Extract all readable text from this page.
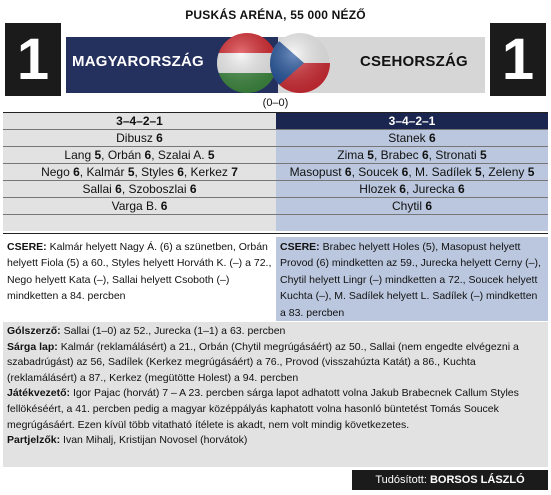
PUSKÁS ARÉNA, 55 000 NÉZŐ
1	1
MAGYARORSZÁG	CSEHORSZÁG
(0–0)
3–4–2–1
Dibusz 6
Lang 5, Orbán 6, Szalai A. 5
Nego 6, Kalmár 5, Styles 6, Kerkez 7
Sallai 6, Szoboszlai 6
Varga B. 6
3–4–2–1
Stanek 6
Zima 5, Brabec 6, Stronati 5
Masopust 6, Soucek 6, M. Sadílek 5, Zeleny 5
Hlozek 6, Jurecka 6
Chytil 6
CSERE: Kalmár helyett Nagy Á. (6) a szünetben, Orbán helyett Fiola (5) a 60., Styles helyett Horváth K. (–) a 72., Nego helyett Kata (–), Sallai helyett Csoboth (–) mindketten a 84. percben
CSERE: Brabec helyett Holes (5), Masopust helyett Provod (6) mindketten az 59., Jurecka helyett Cerny (–), Chytil helyett Lingr (–) mindketten a 72., Soucek helyett Kuchta (–), M. Sadílek helyett L. Sadílek (–) mindketten a 83. percben
Gólszerző: Sallai (1–0) az 52., Jurecka (1–1) a 63. percben
Sárga lap: Kalmár (reklamálásért) a 21., Orbán (Chytil megrúgásáért) az 50., Sallai (nem engedte elvégezni a szabadrúgást) az 56, Sadílek (Kerkez megrúgásáért) a 76., Provod (visszahúzta Katát) a 86., Kuchta (reklamálásért) a 87., Kerkez (megütötte Holest) a 94. percben
Játékvezető: Igor Pajac (horvát) 7 – A 23. percben sárga lapot adhatott volna Jakub Brabecnek Callum Styles fellökéséért, a 41. percben pedig a magyar középpályás kaphatott volna hasonló büntetést Tomás Soucek megrúgásáért. Ezen kívül több vitatható ítélete is akadt, nem volt mindig következetes.
Partjelzők: Ivan Mihalj, Kristijan Novosel (horvátok)
Tudósított: BORSOS LÁSZLÓ
